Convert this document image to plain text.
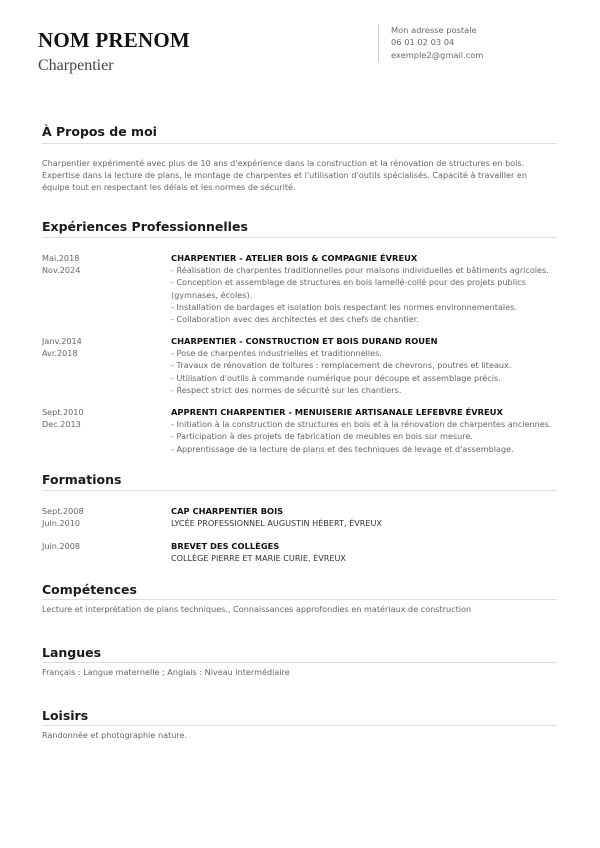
NOM PRENOM
Charpentier
Mon adresse postale
06 01 02 03 04
exemple2@gmail.com
À Propos de moi
Charpentier expérimenté avec plus de 10 ans d'expérience dans la construction et la rénovation de structures en bois.
Expertise dans la lecture de plans, le montage de charpentes et l'utilisation d'outils spécialisés. Capacité à travailler en
équipe tout en respectant les délais et les normes de sécurité.
Expériences Professionnelles
Mai.2018
Nov.2024
CHARPENTIER - ATELIER BOIS & COMPAGNIE ÉVREUX
- Réalisation de charpentes traditionnelles pour maisons individuelles et bâtiments agricoles.
- Conception et assemblage de structures en bois lamellé-collé pour des projets publics
(gymnases, écoles).
- Installation de bardages et isolation bois respectant les normes environnementales.
- Collaboration avec des architectes et des chefs de chantier.
Janv.2014
Avr.2018
CHARPENTIER - CONSTRUCTION ET BOIS DURAND ROUEN
- Pose de charpentes industrielles et traditionnelles.
- Travaux de rénovation de toitures : remplacement de chevrons, poutres et liteaux.
- Utilisation d'outils à commande numérique pour découpe et assemblage précis.
- Respect strict des normes de sécurité sur les chantiers.
Sept.2010
Dec.2013
APPRENTI CHARPENTIER - MENUISERIE ARTISANALE LEFEBVRE ÉVREUX
- Initiation à la construction de structures en bois et à la rénovation de charpentes anciennes.
- Participation à des projets de fabrication de meubles en bois sur mesure.
- Apprentissage de la lecture de plans et des techniques de levage et d'assemblage.
Formations
Sept.2008
Juin.2010
CAP CHARPENTIER BOIS
LYCÉE PROFESSIONNEL AUGUSTIN HÉBERT, ÉVREUX
Juin.2008	BREVET DES COLLÈGES
COLLÈGE PIERRE ET MARIE CURIE, ÉVREUX
Compétences
Lecture et interprétation de plans techniques., Connaissances approfondies en matériaux de construction
Langues
Français : Langue maternelle ; Anglais : Niveau intermédiaire
Loisirs
Randonnée et photographie nature.
